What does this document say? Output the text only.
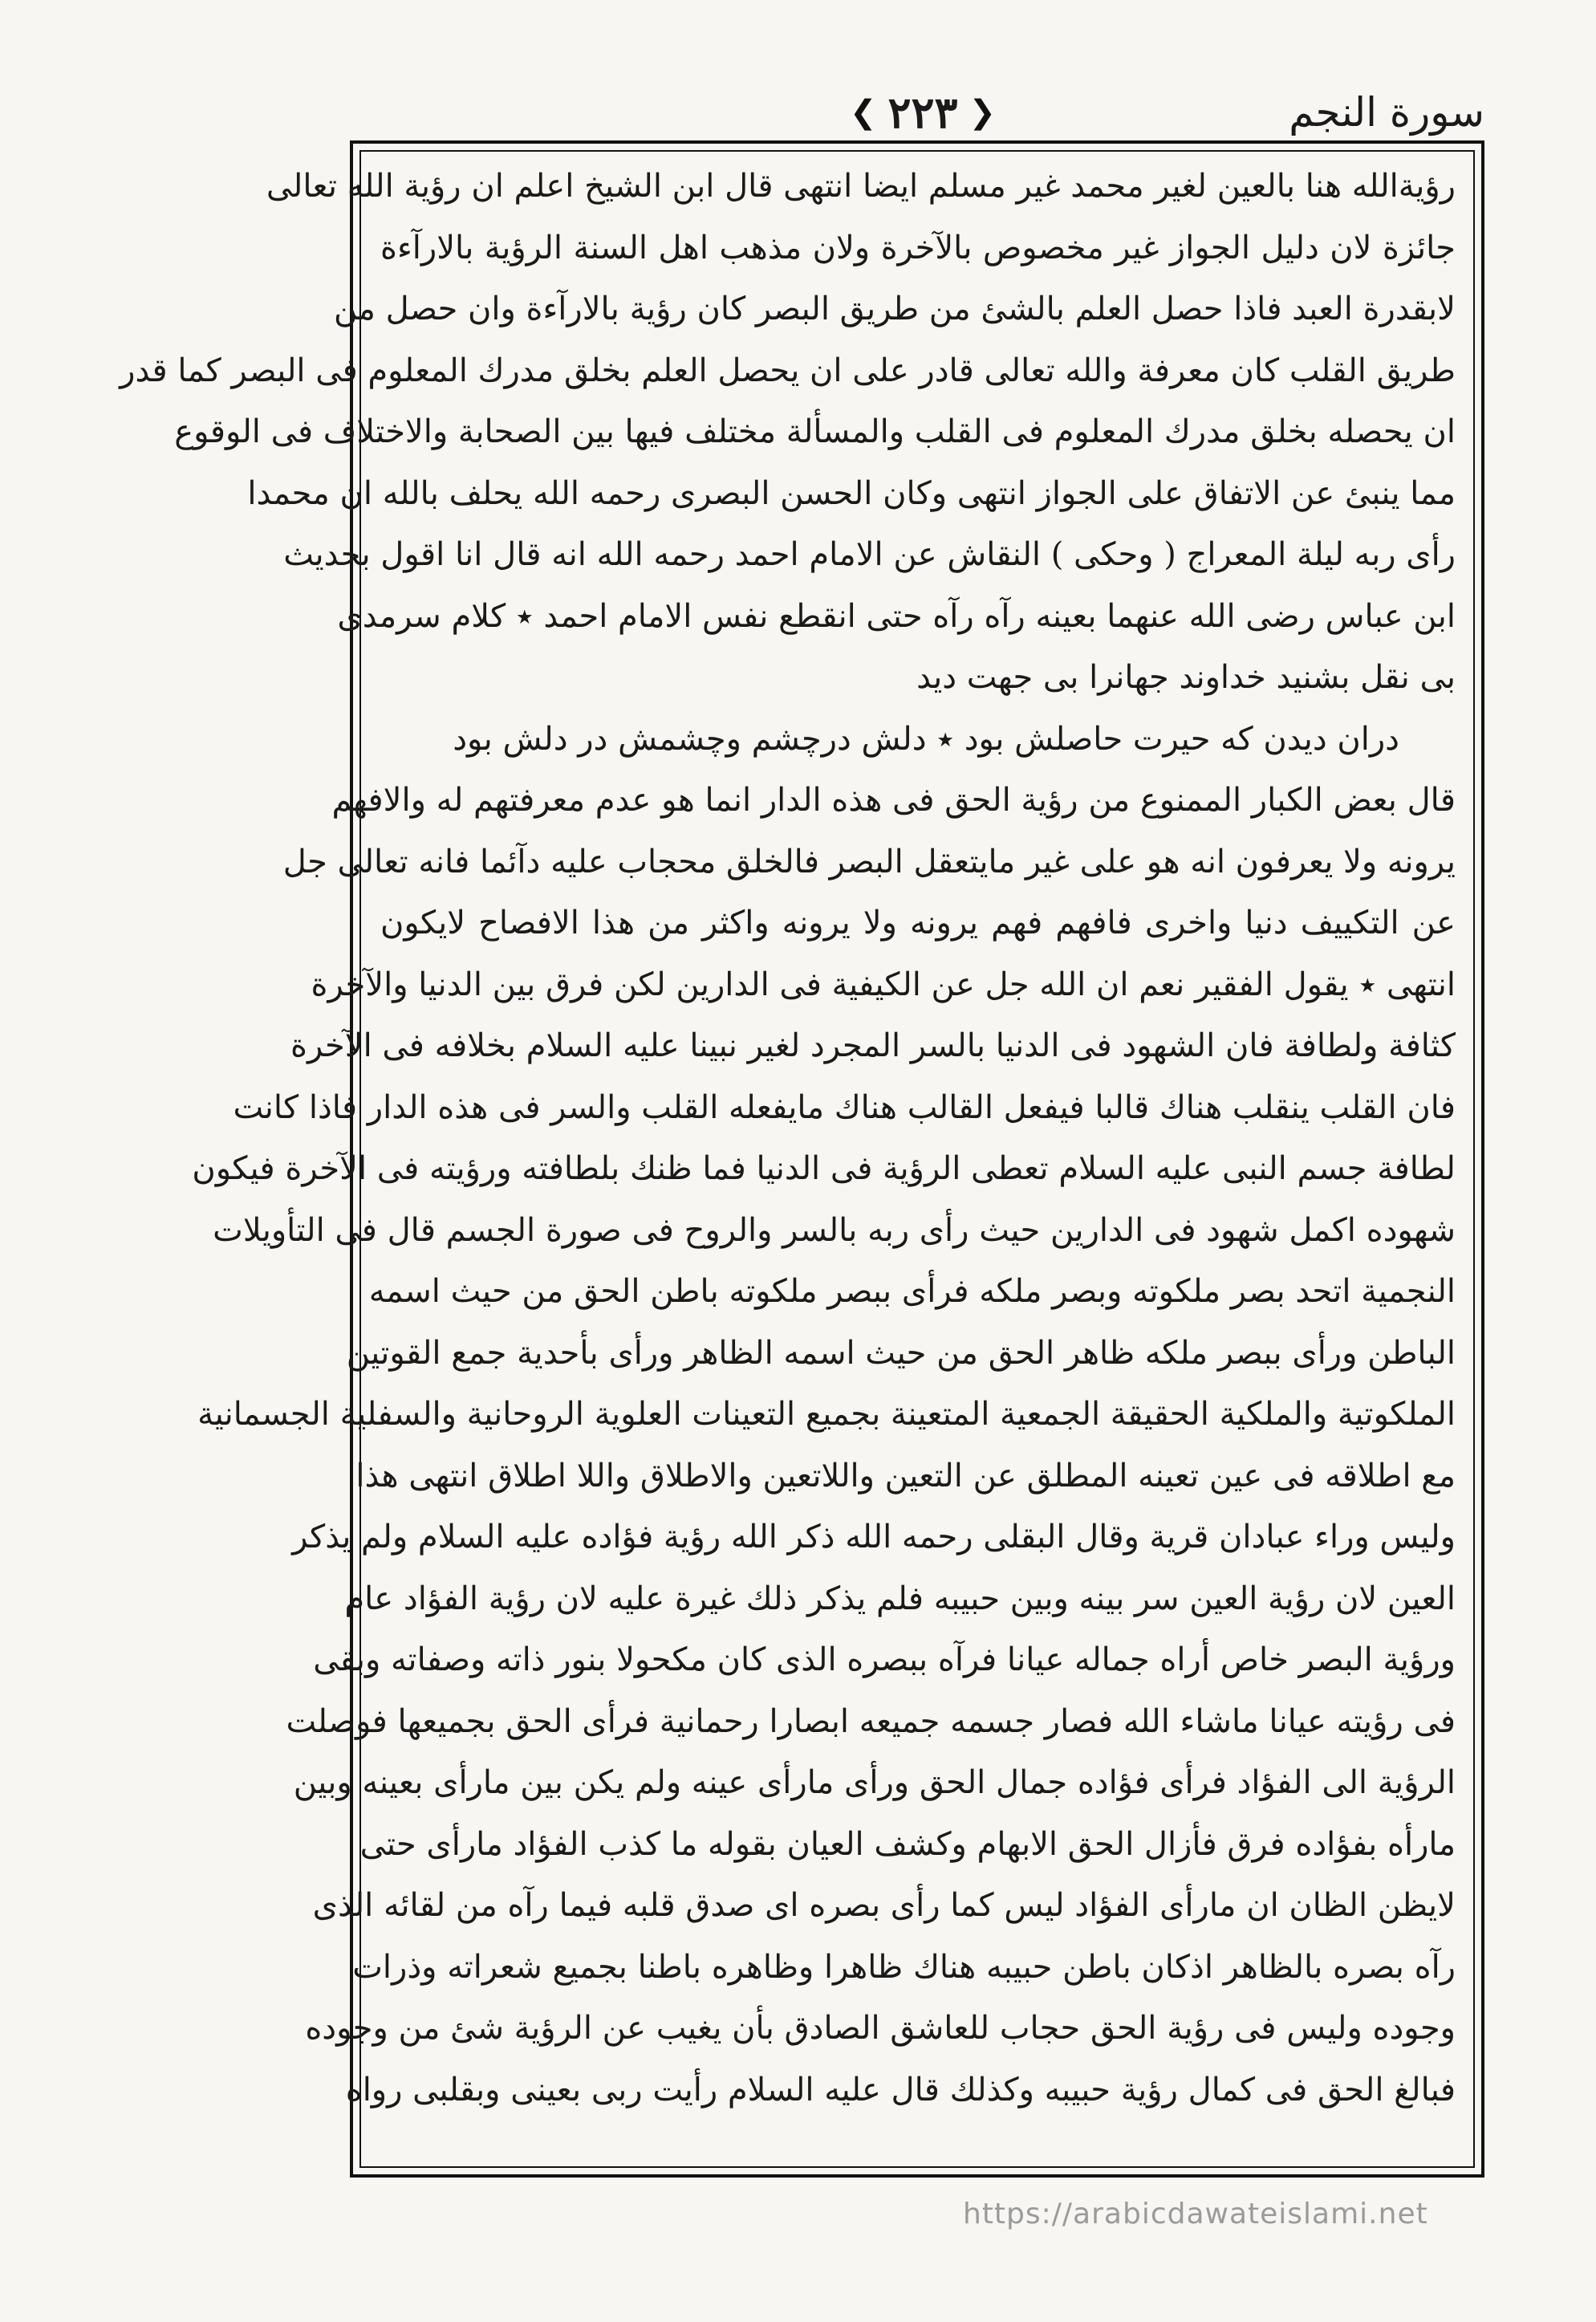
سورة النجم
❮ ٢٢٣ ❯
رؤيةالله هنا بالعين لغير محمد غير مسلم ايضا انتهى قال ابن الشيخ اعلم ان رؤية الله تعالى
جائزة لان دليل الجواز غير مخصوص بالآخرة ولان مذهب اهل السنة الرؤية بالارآءة
لابقدرة العبد فاذا حصل العلم بالشئ من طريق البصر كان رؤية بالارآءة وان حصل من
طريق القلب كان معرفة والله تعالى قادر على ان يحصل العلم بخلق مدرك المعلوم فى البصر كما قدر
ان يحصله بخلق مدرك المعلوم فى القلب والمسألة مختلف فيها بين الصحابة والاختلاف فى الوقوع
مما ينبئ عن الاتفاق على الجواز انتهى وكان الحسن البصرى رحمه الله يحلف بالله ان محمدا
رأى ربه ليلة المعراج ( وحكى ) النقاش عن الامام احمد رحمه الله انه قال انا اقول بحديث
ابن عباس رضى الله عنهما بعينه رآه رآه حتى انقطع نفس الامام احمد ٭ كلام سرمدى
بى نقل بشنيد خداوند جهانرا بى جهت ديد
دران ديدن كه حيرت حاصلش بود ٭ دلش درچشم وچشمش در دلش بود
قال بعض الكبار الممنوع من رؤية الحق فى هذه الدار انما هو عدم معرفتهم له والافهم
يرونه ولا يعرفون انه هو على غير مايتعقل البصر فالخلق محجاب عليه دآئما فانه تعالى جل
عن التكييف دنيا واخرى فافهم فهم يرونه ولا يرونه واكثر من هذا الافصاح لايكون
انتهى ٭ يقول الفقير نعم ان الله جل عن الكيفية فى الدارين لكن فرق بين الدنيا والآخرة
كثافة ولطافة فان الشهود فى الدنيا بالسر المجرد لغير نبينا عليه السلام بخلافه فى الآخرة
فان القلب ينقلب هناك قالبا فيفعل القالب هناك مايفعله القلب والسر فى هذه الدار فاذا كانت
لطافة جسم النبى عليه السلام تعطى الرؤية فى الدنيا فما ظنك بلطافته ورؤيته فى الآخرة فيكون
شهوده اكمل شهود فى الدارين حيث رأى ربه بالسر والروح فى صورة الجسم قال فى التأويلات
النجمية اتحد بصر ملكوته وبصر ملكه فرأى ببصر ملكوته باطن الحق من حيث اسمه
الباطن ورأى ببصر ملكه ظاهر الحق من حيث اسمه الظاهر ورأى بأحدية جمع القوتين
الملكوتية والملكية الحقيقة الجمعية المتعينة بجميع التعينات العلوية الروحانية والسفلية الجسمانية
مع اطلاقه فى عين تعينه المطلق عن التعين واللاتعين والاطلاق واللا اطلاق انتهى هذا
وليس وراء عبادان قرية وقال البقلى رحمه الله ذكر الله رؤية فؤاده عليه السلام ولم يذكر
العين لان رؤية العين سر بينه وبين حبيبه فلم يذكر ذلك غيرة عليه لان رؤية الفؤاد عام
ورؤية البصر خاص أراه جماله عيانا فرآه ببصره الذى كان مكحولا بنور ذاته وصفاته وبقى
فى رؤيته عيانا ماشاء الله فصار جسمه جميعه ابصارا رحمانية فرأى الحق بجميعها فوصلت
الرؤية الى الفؤاد فرأى فؤاده جمال الحق ورأى مارأى عينه ولم يكن بين مارأى بعينه وبين
مارأه بفؤاده فرق فأزال الحق الابهام وكشف العيان بقوله ما كذب الفؤاد مارأى حتى
لايظن الظان ان مارأى الفؤاد ليس كما رأى بصره اى صدق قلبه فيما رآه من لقائه الذى
رآه بصره بالظاهر اذكان باطن حبيبه هناك ظاهرا وظاهره باطنا بجميع شعراته وذرات
وجوده وليس فى رؤية الحق حجاب للعاشق الصادق بأن يغيب عن الرؤية شئ من وجوده
فبالغ الحق فى كمال رؤية حبيبه وكذلك قال عليه السلام رأيت ربى بعينى وبقلبى رواه
https://arabicdawateislami.net
